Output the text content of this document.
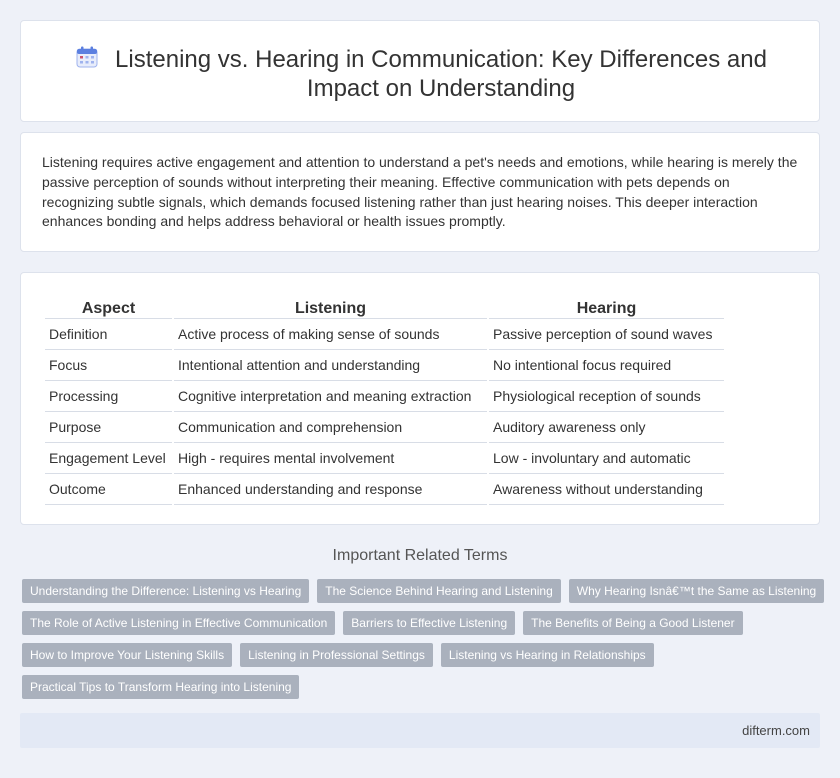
Listening vs. Hearing in Communication: Key Differences and Impact on Understanding

Listening requires active engagement and attention to understand a pet's needs and emotions, while hearing is merely the passive perception of sounds without interpreting their meaning. Effective communication with pets depends on recognizing subtle signals, which demands focused listening rather than just hearing noises. This deeper interaction enhances bonding and helps address behavioral or health issues promptly.

Aspect	Listening	Hearing
Definition	Active process of making sense of sounds	Passive perception of sound waves
Focus	Intentional attention and understanding	No intentional focus required
Processing	Cognitive interpretation and meaning extraction	Physiological reception of sounds
Purpose	Communication and comprehension	Auditory awareness only
Engagement Level	High - requires mental involvement	Low - involuntary and automatic
Outcome	Enhanced understanding and response	Awareness without understanding
Important Related Terms
Understanding the Difference: Listening vs Hearing	The Science Behind Hearing and Listening	Why Hearing Isnâ€™t the Same as Listening
The Role of Active Listening in Effective Communication	Barriers to Effective Listening	The Benefits of Being a Good Listener
How to Improve Your Listening Skills	Listening in Professional Settings	Listening vs Hearing in Relationships
Practical Tips to Transform Hearing into Listening
difterm.com
